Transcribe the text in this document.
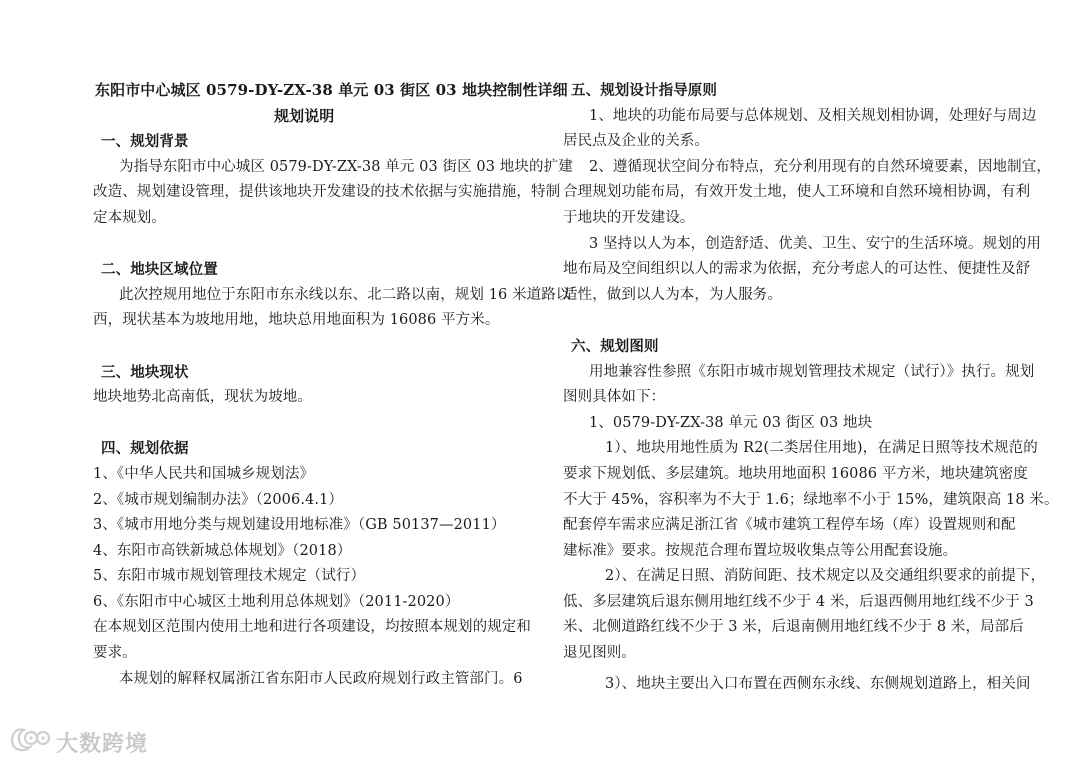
东阳市中心城区 0579-DY-ZX-38 单元 03 街区 03 地块控制性详细
规划说明
一、规划背景
为指导东阳市中心城区 0579-DY-ZX-38 单元 03 街区 03 地块的扩建
改造、规划建设管理，提供该地块开发建设的技术依据与实施措施，特制
定本规划。
二、地块区域位置
此次控规用地位于东阳市东永线以东、北二路以南，规划 16 米道路以
西，现状基本为坡地用地，地块总用地面积为 16086 平方米。
三、地块现状
地块地势北高南低，现状为坡地。
四、规划依据
1、《中华人民共和国城乡规划法》
2、《城市规划编制办法》（2006.4.1）
3、《城市用地分类与规划建设用地标准》（GB 50137—2011）
4、东阳市高铁新城总体规划》（2018）
5、东阳市城市规划管理技术规定（试行）
6、《东阳市中心城区土地利用总体规划》（2011-2020）
在本规划区范围内使用土地和进行各项建设，均按照本规划的规定和
要求。
本规划的解释权属浙江省东阳市人民政府规划行政主管部门。6
五、规划设计指导原则
1、地块的功能布局要与总体规划、及相关规划相协调，处理好与周边
居民点及企业的关系。
2、遵循现状空间分布特点，充分利用现有的自然环境要素，因地制宜，
合理规划功能布局，有效开发土地，使人工环境和自然环境相协调，有利
于地块的开发建设。
3 坚持以人为本，创造舒适、优美、卫生、安宁的生活环境。规划的用
地布局及空间组织以人的需求为依据，充分考虑人的可达性、便捷性及舒
适性，做到以人为本，为人服务。
六、规划图则
用地兼容性参照《东阳市城市规划管理技术规定（试行）》执行。规划
图则具体如下：
1、0579-DY-ZX-38 单元 03 街区 03 地块
1）、地块用地性质为 R2(二类居住用地)，在满足日照等技术规范的
要求下规划低、多层建筑。地块用地面积 16086 平方米，地块建筑密度
不大于 45%，容积率为不大于 1.6；绿地率不小于 15%，建筑限高 18 米。
配套停车需求应满足浙江省《城市建筑工程停车场（库）设置规则和配
建标准》要求。按规范合理布置垃圾收集点等公用配套设施。
2）、在满足日照、消防间距、技术规定以及交通组织要求的前提下，
低、多层建筑后退东侧用地红线不少于 4 米，后退西侧用地红线不少于 3
米、北侧道路红线不少于 3 米，后退南侧用地红线不少于 8 米，局部后
退见图则。
3）、地块主要出入口布置在西侧东永线、东侧规划道路上，相关间
大数跨境
